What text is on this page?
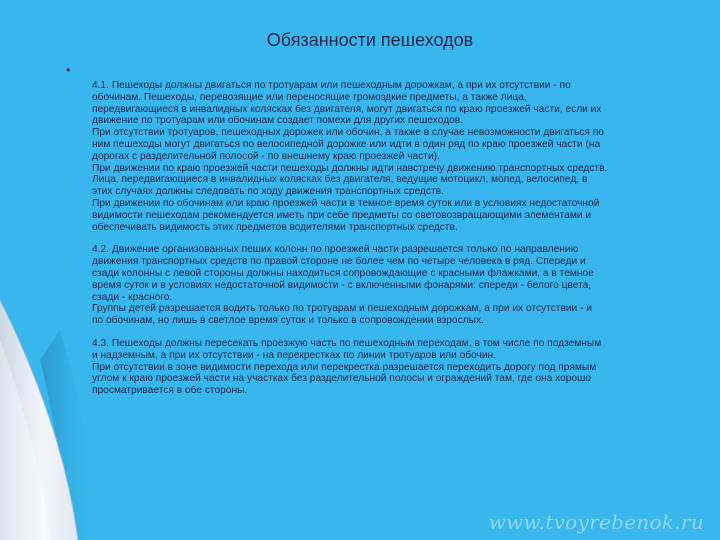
Обязанности пешеходов
•

4.1. Пешеходы должны двигаться по тротуарам или пешеходным дорожкам, а при их отсутствии - по
обочинам. Пешеходы, перевозящие или переносящие громоздкие предметы, а также лица,
передвигающиеся в инвалидных колясках без двигателя, могут двигаться по краю проезжей части, если их
движение по тротуарам или обочинам создает помехи для других пешеходов.
При отсутствии тротуаров, пешеходных дорожек или обочин, а также в случае невозможности двигаться по
ним пешеходы могут двигаться по велосипедной дорожке или идти в один ряд по краю проезжей части (на
дорогах с разделительной полосой - по внешнему краю проезжей части).
При движении по краю проезжей части пешеходы должны идти навстречу движению транспортных средств.
Лица, передвигающиеся в инвалидных колясках без двигателя, ведущие мотоцикл, мопед, велосипед, в
этих случаях должны следовать по ходу движения транспортных средств.
При движении по обочинам или краю проезжей части в темное время суток или в условиях недостаточной
видимости пешеходам рекомендуется иметь при себе предметы со световозвращающими элементами и
обеспечивать видимость этих предметов водителями транспортных средств.

4.2. Движение организованных пеших колонн по проезжей части разрешается только по направлению
движения транспортных средств по правой стороне не более чем по четыре человека в ряд. Спереди и
сзади колонны с левой стороны должны находиться сопровождающие с красными флажками, а в темное
время суток и в условиях недостаточной видимости - с включенными фонарями: спереди - белого цвета,
сзади - красного.
Группы детей разрешается водить только по тротуарам и пешеходным дорожкам, а при их отсутствии - и
по обочинам, но лишь в светлое время суток и только в сопровождении взрослых.

4.3. Пешеходы должны пересекать проезжую часть по пешеходным переходам, в том числе по подземным
и надземным, а при их отсутствии - на перекрестках по линии тротуаров или обочин.
При отсутствии в зоне видимости перехода или перекрестка разрешается переходить дорогу под прямым
углом к краю проезжей части на участках без разделительной полосы и ограждений там, где она хорошо
просматривается в обе стороны.

www.tvoyrebenok.ru
